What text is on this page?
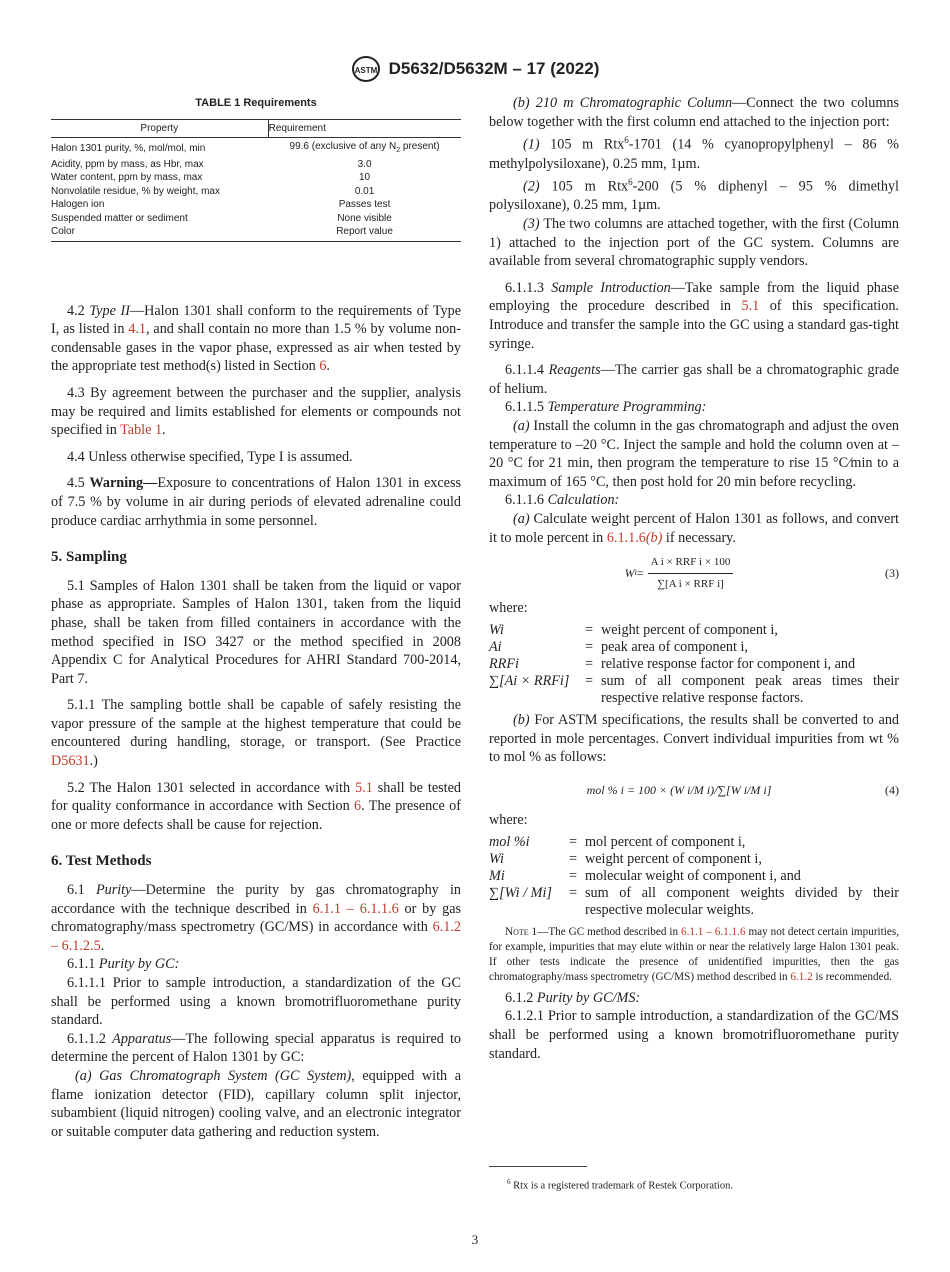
ASTM D5632/D5632M – 17 (2022)
TABLE 1 Requirements
Property	Requirement
Halon 1301 purity, %, mol/mol, min	99.6 (exclusive of any $N_2$ present)
Acidity, ppm by mass, as Hbr, max	3.0
Water content, ppm by mass, max	10
Nonvolatile residue, % by weight, max	0.01
Halogen ion	Passes test
Suspended matter or sediment	None visible
Color	Report value

4.2 Type II—Halon 1301 shall conform to the requirements of Type I, as listed in 4.1, and shall contain no more than 1.5 % by volume non-condensable gases in the vapor phase, expressed as air when tested by the appropriate test method(s) listed in Section 6.

4.3 By agreement between the purchaser and the supplier, analysis may be required and limits established for elements or compounds not specified in Table 1.

4.4 Unless otherwise specified, Type I is assumed.

4.5 Warning—Exposure to concentrations of Halon 1301 in excess of 7.5 % by volume in air during periods of elevated adrenaline could produce cardiac arrhythmia in some personnel.

5. Sampling

5.1 Samples of Halon 1301 shall be taken from the liquid or vapor phase as appropriate. Samples of Halon 1301, taken from the liquid phase, shall be taken from filled containers in accordance with the method specified in ISO 3427 or the method specified in 2008 Appendix C for Analytical Procedures for AHRI Standard 700-2014, Part 7.

5.1.1 The sampling bottle shall be capable of safely resisting the vapor pressure of the sample at the highest temperature that could be encountered during handling, storage, or transport. (See Practice D5631.)

5.2 The Halon 1301 selected in accordance with 5.1 shall be tested for quality conformance in accordance with Section 6. The presence of one or more defects shall be cause for rejection.

6. Test Methods

6.1 Purity—Determine the purity by gas chromatography in accordance with the technique described in 6.1.1 – 6.1.1.6 or by gas chromatography/mass spectrometry (GC/MS) in accordance with 6.1.2 – 6.1.2.5.

6.1.1 Purity by GC:

6.1.1.1 Prior to sample introduction, a standardization of the GC shall be performed using a known bromotrifluoromethane purity standard.

6.1.1.2 Apparatus—The following special apparatus is required to determine the percent of Halon 1301 by GC:

(a) Gas Chromatograph System (GC System), equipped with a flame ionization detector (FID), capillary column split injector, subambient (liquid nitrogen) cooling valve, and an electronic integrator or suitable computer data gathering and reduction system.

(b) 210 m Chromatographic Column—Connect the two columns below together with the first column end attached to the injection port:

(1) 105 m Rtx$^6$-1701 (14 % cyanopropylphenyl – 86 % methylpolysiloxane), 0.25 mm, 1µm.

(2) 105 m Rtx$^6$-200 (5 % diphenyl – 95 % dimethyl polysiloxane), 0.25 mm, 1µm.

(3) The two columns are attached together, with the first (Column 1) attached to the injection port of the GC system. Columns are available from several chromatographic supply vendors.

6.1.1.3 Sample Introduction—Take sample from the liquid phase employing the procedure described in 5.1 of this specification. Introduce and transfer the sample into the GC using a standard gas-tight syringe.

6.1.1.4 Reagents—The carrier gas shall be a chromatographic grade of helium.

6.1.1.5 Temperature Programming:

(a) Install the column in the gas chromatograph and adjust the oven temperature to –20 °C. Inject the sample and hold the column oven at –20 °C for 21 min, then program the temperature to rise 15 °C⁄min to a maximum of 165 °C, then post hold for 20 min before recycling.

6.1.1.6 Calculation:

(a) Calculate weight percent of Halon 1301 as follows, and convert it to mole percent in 6.1.1.6(b) if necessary.

W $i = \frac{\text{A i × RRF i × 100}}{\text{∑[A i × RRF i]}}$	(3)

where:

Wi	= weight percent of component i,
Ai	= peak area of component i,
RRFi	= relative response factor for component i, and
∑[Ai × RRFi]	= sum of all component peak areas times their respective relative response factors.

(b) For ASTM specifications, the results shall be converted to and reported in mole percentages. Convert individual impurities from wt % to mol % as follows:

mol % i = 100 × (W i/M i)/∑[W i/M i]	(4)

where:

mol %i	= mol percent of component i,
Wi	= weight percent of component i,
Mi	= molecular weight of component i, and
∑[Wi / Mi]	= sum of all component weights divided by their respective molecular weights.

Note 1—The GC method described in 6.1.1 – 6.1.1.6 may not detect certain impurities, for example, impurities that may elute within or near the relatively large Halon 1301 peak. If other tests indicate the presence of unidentified impurities, then the gas chromatography/mass spectrometry (GC/MS) method described in 6.1.2 is recommended.

6.1.2 Purity by GC/MS:

6.1.2.1 Prior to sample introduction, a standardization of the GC/MS shall be performed using a known bromotrifluoromethane purity standard.

$^6$ Rtx is a registered trademark of Restek Corporation.
3
